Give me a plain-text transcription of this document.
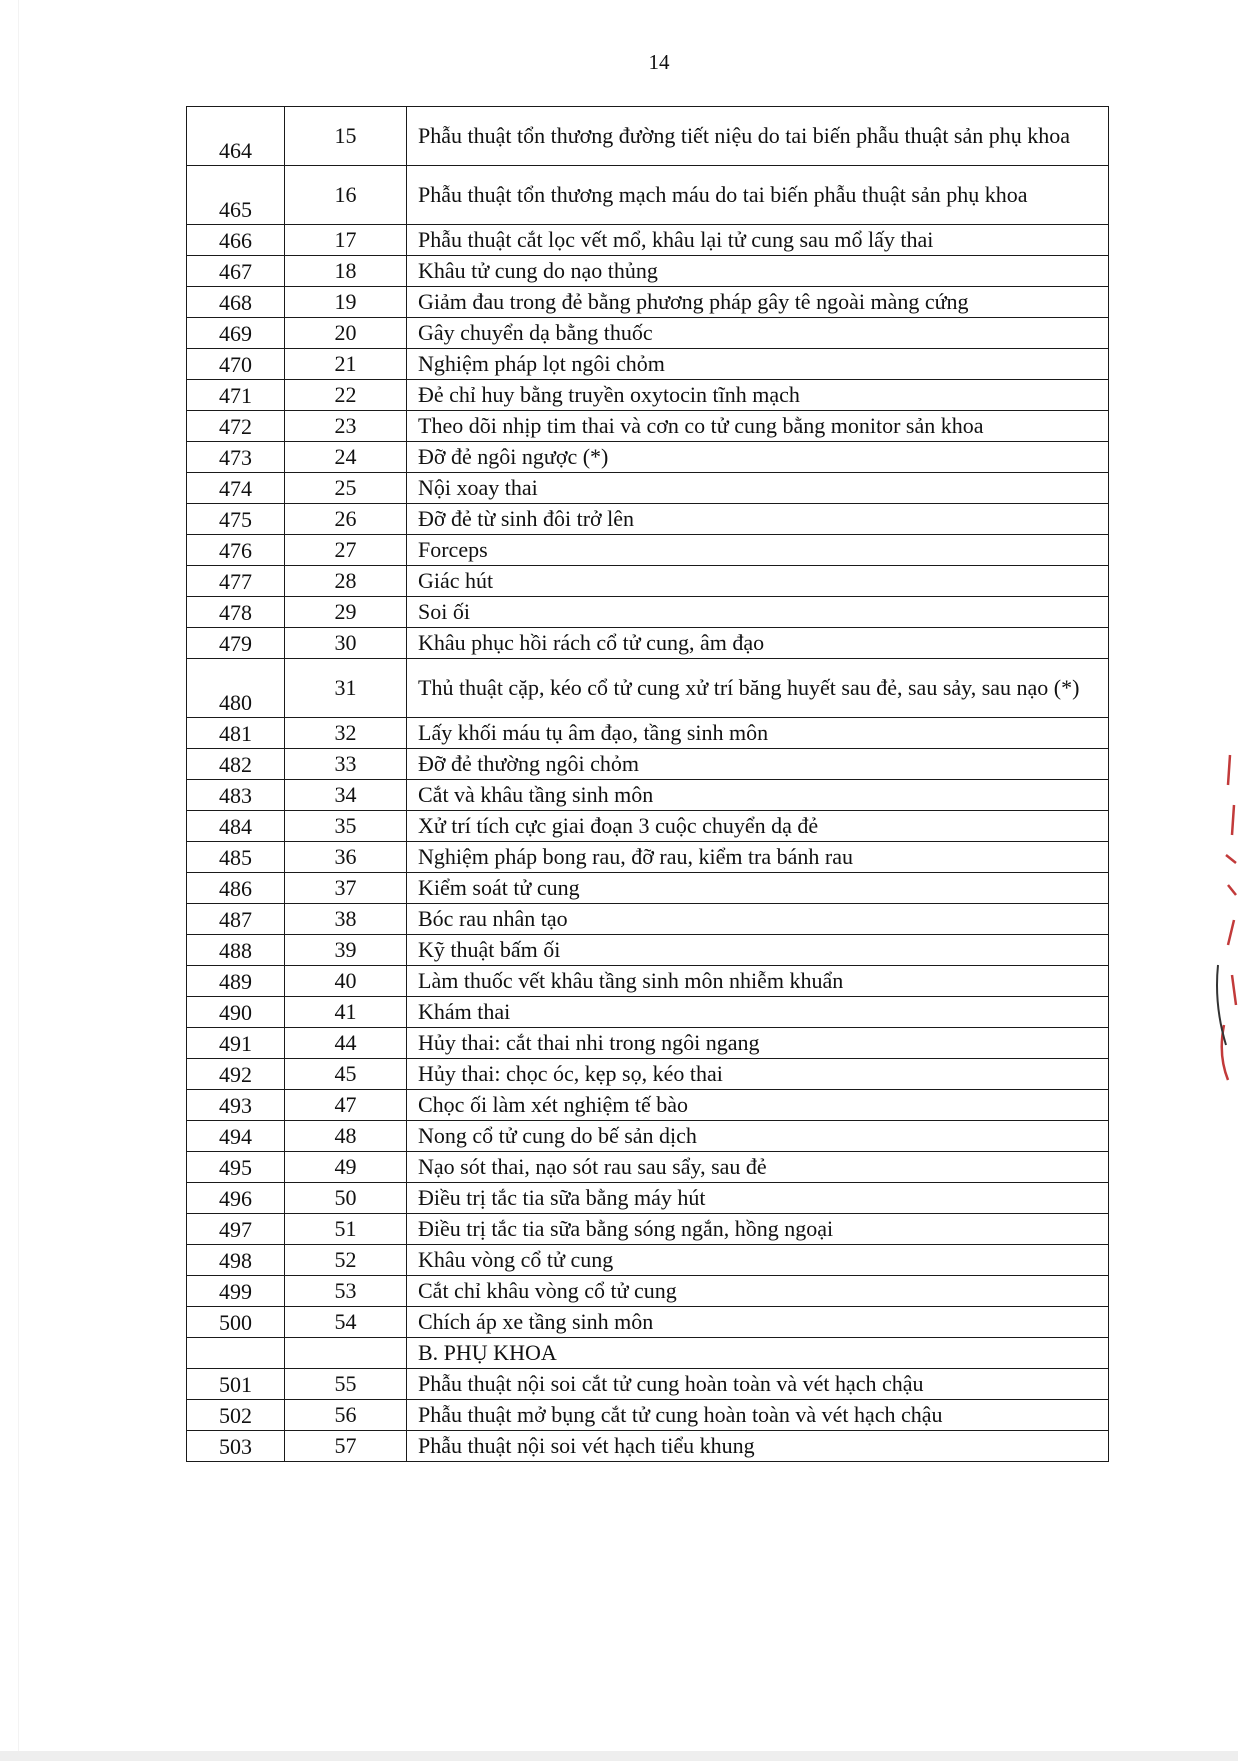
14
464	15	Phẫu thuật tổn thương đường tiết niệu do tai biến phẫu thuật sản phụ khoa
465	16	Phẫu thuật tổn thương mạch máu do tai biến phẫu thuật sản phụ khoa
466	17	Phẫu thuật cắt lọc vết mổ, khâu lại tử cung sau mổ lấy thai
467	18	Khâu tử cung do nạo thủng
468	19	Giảm đau trong đẻ bằng phương pháp gây tê ngoài màng cứng
469	20	Gây chuyển dạ bằng thuốc
470	21	Nghiệm pháp lọt ngôi chỏm
471	22	Đẻ chỉ huy bằng truyền oxytocin tĩnh mạch
472	23	Theo dõi nhịp tim thai và cơn co tử cung bằng monitor sản khoa
473	24	Đỡ đẻ ngôi ngược (*)
474	25	Nội xoay thai
475	26	Đỡ đẻ từ sinh đôi trở lên
476	27	Forceps
477	28	Giác hút
478	29	Soi ối
479	30	Khâu phục hồi rách cổ tử cung, âm đạo
480	31	Thủ thuật cặp, kéo cổ tử cung xử trí băng huyết sau đẻ, sau sảy, sau nạo (*)
481	32	Lấy khối máu tụ âm đạo, tầng sinh môn
482	33	Đỡ đẻ thường ngôi chỏm
483	34	Cắt và khâu tầng sinh môn
484	35	Xử trí tích cực giai đoạn 3 cuộc chuyển dạ đẻ
485	36	Nghiệm pháp bong rau, đỡ rau, kiểm tra bánh rau
486	37	Kiểm soát tử cung
487	38	Bóc rau nhân tạo
488	39	Kỹ thuật bấm ối
489	40	Làm thuốc vết khâu tầng sinh môn nhiễm khuẩn
490	41	Khám thai
491	44	Hủy thai: cắt thai nhi trong ngôi ngang
492	45	Hủy thai: chọc óc, kẹp sọ, kéo thai
493	47	Chọc ối làm xét nghiệm tế bào
494	48	Nong cổ tử cung do bế sản dịch
495	49	Nạo sót thai, nạo sót rau sau sẩy, sau đẻ
496	50	Điều trị tắc tia sữa bằng máy hút
497	51	Điều trị tắc tia sữa bằng sóng ngắn, hồng ngoại
498	52	Khâu vòng cổ tử cung
499	53	Cắt chỉ khâu vòng cổ tử cung
500	54	Chích áp xe tầng sinh môn
		B. PHỤ KHOA
501	55	Phẫu thuật nội soi cắt tử cung hoàn toàn và vét hạch chậu
502	56	Phẫu thuật mở bụng cắt tử cung hoàn toàn và vét hạch chậu
503	57	Phẫu thuật nội soi vét hạch tiểu khung
